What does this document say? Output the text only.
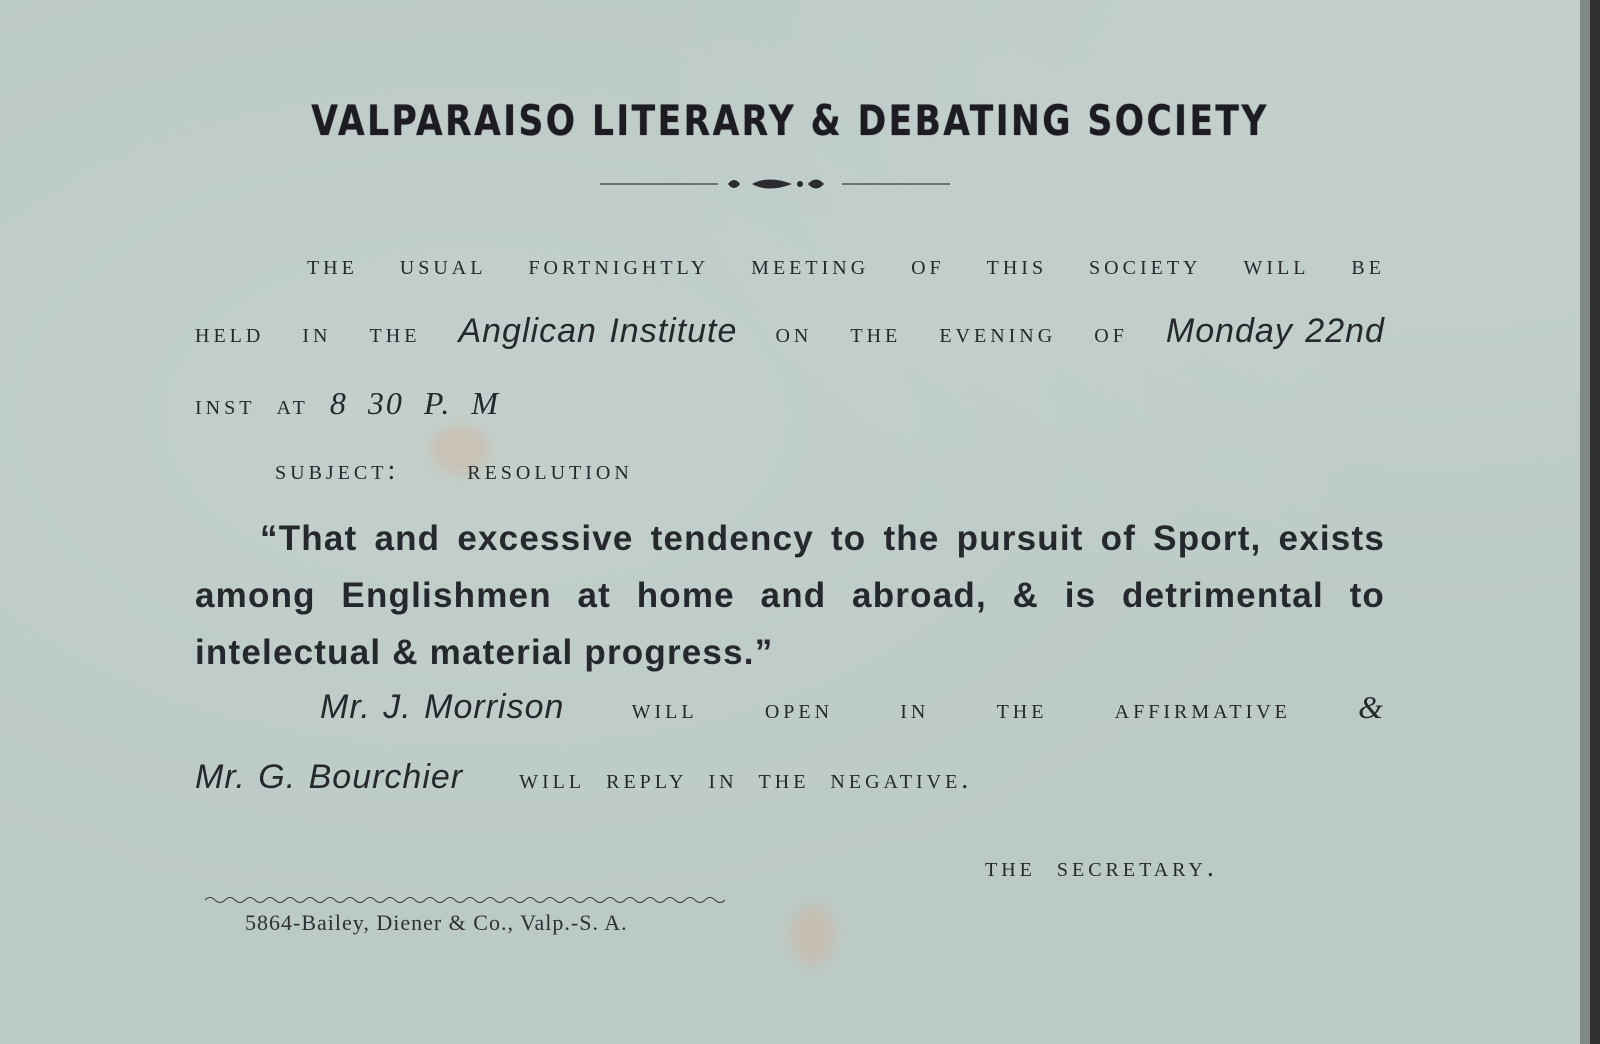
VALPARAISO LITERARY & DEBATING SOCIETY
the usual fortnightly meeting of this society will be
held in the Anglican Institute on the evening of Monday 22nd
inst at 8 30 P. M
subject: resolution
“That and excessive tendency to the pursuit of Sport, exists among Englishmen at home and abroad, & is detrimental to intelectual & material progress.”
Mr. J. Morrison will open in the affirmative &
Mr. G. Bourchier will reply in the negative.
the secretary.
5864-Bailey, Diener & Co., Valp.-S. A.
